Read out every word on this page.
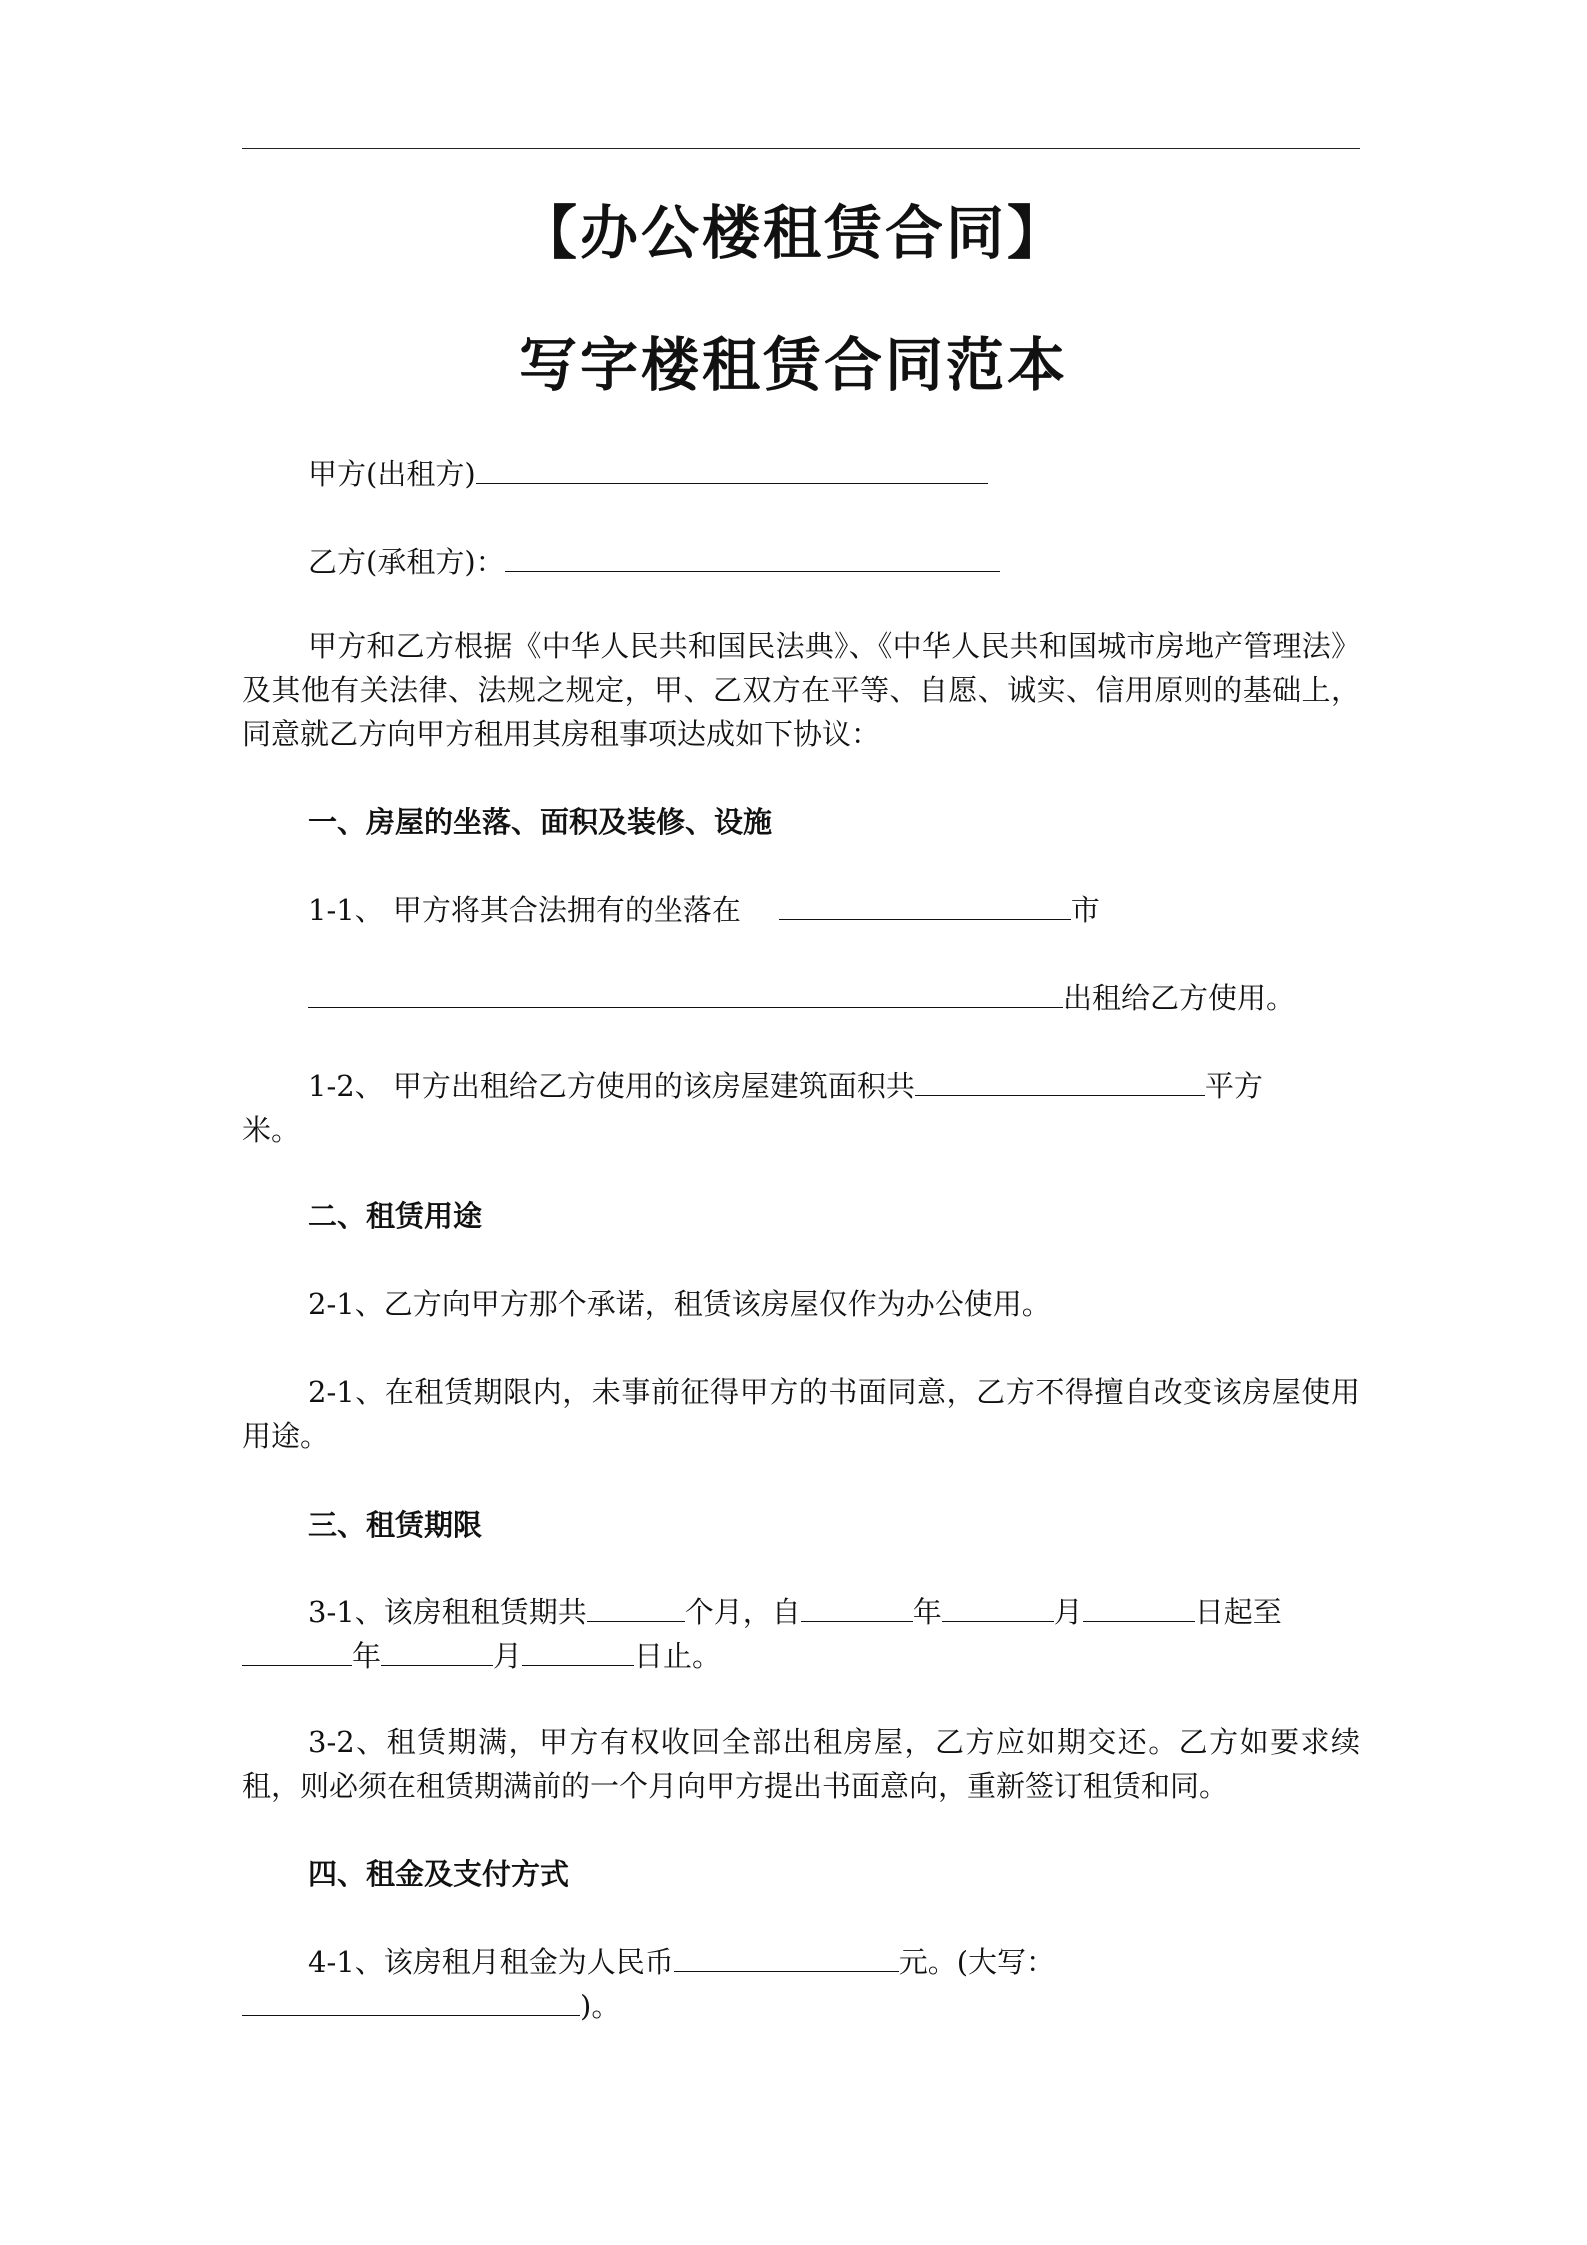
【办公楼租赁合同】
写字楼租赁合同范本

甲方(出租方)

乙方(承租方)：

甲方和乙方根据《中华人民共和国民法典》、《中华人民共和国城市房地产管理法》及其他有关法律、法规之规定，甲、乙双方在平等、自愿、诚实、信用原则的基础上，同意就乙方向甲方租用其房租事项达成如下协议：

一、房屋的坐落、面积及装修、设施

1-1、 甲方将其合法拥有的坐落在	市

出租给乙方使用。

1-2、 甲方出租给乙方使用的该房屋建筑面积共	平方

米。

二、租赁用途

2-1、乙方向甲方那个承诺，租赁该房屋仅作为办公使用。

2-1、在租赁期限内，未事前征得甲方的书面同意，乙方不得擅自改变该房屋使用用途。

三、租赁期限

3-1、该房租租赁期共	个月，自	年	月	日起至

年	月	日止。

3-2、租赁期满，甲方有权收回全部出租房屋，乙方应如期交还。乙方如要求续租，则必须在租赁期满前的一个月向甲方提出书面意向，重新签订租赁和同。

四、租金及支付方式

4-1、该房租月租金为人民币	元。(大写：

)。
